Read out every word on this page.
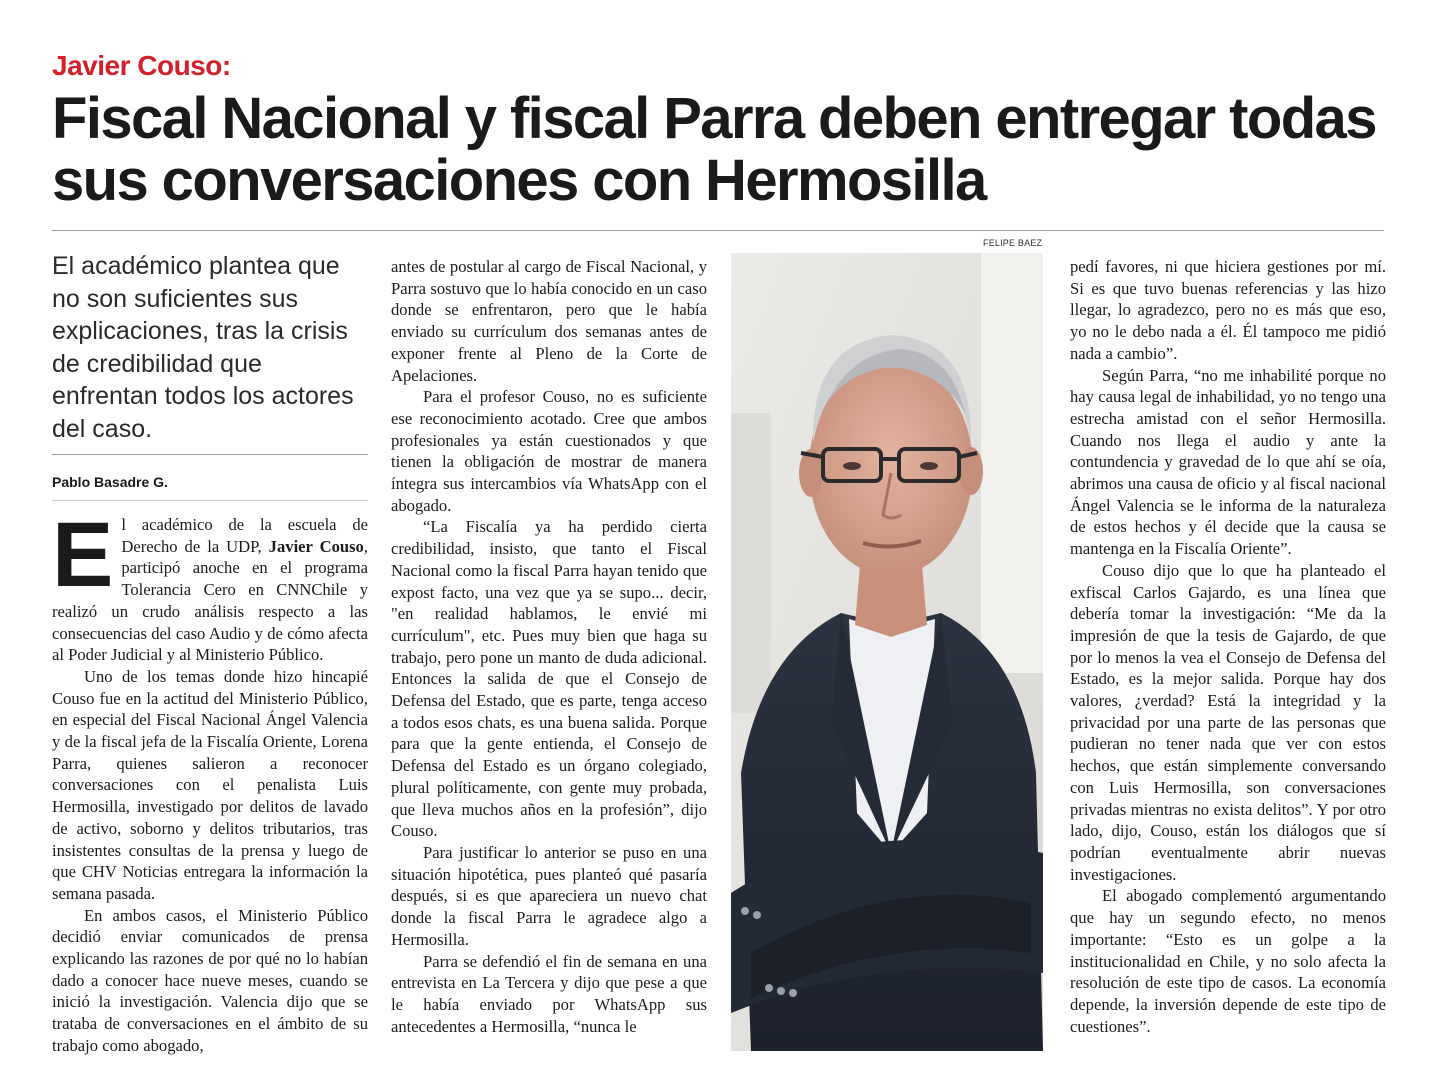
Javier Couso:
Fiscal Nacional y fiscal Parra deben entregar todas sus conversaciones con Hermosilla
FELIPE BAEZ

El académico plantea que no son suficientes sus explicaciones, tras la crisis de credibilidad que enfrentan todos los actores del caso.

Pablo Basadre G.

El académico de la escuela de Derecho de la UDP, Javier Couso, participó anoche en el programa Tolerancia Cero en CNNChile y realizó un crudo análisis respecto a las consecuencias del caso Audio y de cómo afecta al Poder Judicial y al Ministerio Público.

Uno de los temas donde hizo hincapié Couso fue en la actitud del Ministerio Público, en especial del Fiscal Nacional Ángel Valencia y de la fiscal jefa de la Fiscalía Oriente, Lorena Parra, quienes salieron a reconocer conversaciones con el penalista Luis Hermosilla, investigado por delitos de lavado de activo, soborno y delitos tributarios, tras insistentes consultas de la prensa y luego de que CHV Noticias entregara la información la semana pasada.

En ambos casos, el Ministerio Público decidió enviar comunicados de prensa explicando las razones de por qué no lo habían dado a conocer hace nueve meses, cuando se inició la investigación. Valencia dijo que se trataba de conversaciones en el ámbito de su trabajo como abogado,

antes de postular al cargo de Fiscal Nacional, y Parra sostuvo que lo había conocido en un caso donde se enfrentaron, pero que le había enviado su currículum dos semanas antes de exponer frente al Pleno de la Corte de Apelaciones.

Para el profesor Couso, no es suficiente ese reconocimiento acotado. Cree que ambos profesionales ya están cuestionados y que tienen la obligación de mostrar de manera íntegra sus intercambios vía WhatsApp con el abogado.

“La Fiscalía ya ha perdido cierta credibilidad, insisto, que tanto el Fiscal Nacional como la fiscal Parra hayan tenido que expost facto, una vez que ya se supo... decir, "en realidad hablamos, le envié mi currículum", etc. Pues muy bien que haga su trabajo, pero pone un manto de duda adicional. Entonces la salida de que el Consejo de Defensa del Estado, que es parte, tenga acceso a todos esos chats, es una buena salida. Porque para que la gente entienda, el Consejo de Defensa del Estado es un órgano colegiado, plural políticamente, con gente muy probada, que lleva muchos años en la profesión”, dijo Couso.

Para justificar lo anterior se puso en una situación hipotética, pues planteó qué pasaría después, si es que apareciera un nuevo chat donde la fiscal Parra le agradece algo a Hermosilla.

Parra se defendió el fin de semana en una entrevista en La Tercera y dijo que pese a que le había enviado por WhatsApp sus antecedentes a Hermosilla, “nunca le

pedí favores, ni que hiciera gestiones por mí. Si es que tuvo buenas referencias y las hizo llegar, lo agradezco, pero no es más que eso, yo no le debo nada a él. Él tampoco me pidió nada a cambio”.

Según Parra, “no me inhabilité porque no hay causa legal de inhabilidad, yo no tengo una estrecha amistad con el señor Hermosilla. Cuando nos llega el audio y ante la contundencia y gravedad de lo que ahí se oía, abrimos una causa de oficio y al fiscal nacional Ángel Valencia se le informa de la naturaleza de estos hechos y él decide que la causa se mantenga en la Fiscalía Oriente”.

Couso dijo que lo que ha planteado el exfiscal Carlos Gajardo, es una línea que debería tomar la investigación: “Me da la impresión de que la tesis de Gajardo, de que por lo menos la vea el Consejo de Defensa del Estado, es la mejor salida. Porque hay dos valores, ¿verdad? Está la integridad y la privacidad por una parte de las personas que pudieran no tener nada que ver con estos hechos, que están simplemente conversando con Luis Hermosilla, son conversaciones privadas mientras no exista delitos”. Y por otro lado, dijo, Couso, están los diálogos que sí podrían eventualmente abrir nuevas investigaciones.

El abogado complementó argumentando que hay un segundo efecto, no menos importante: “Esto es un golpe a la institucionalidad en Chile, y no solo afecta la resolución de este tipo de casos. La economía depende, la inversión depende de este tipo de cuestiones”.
